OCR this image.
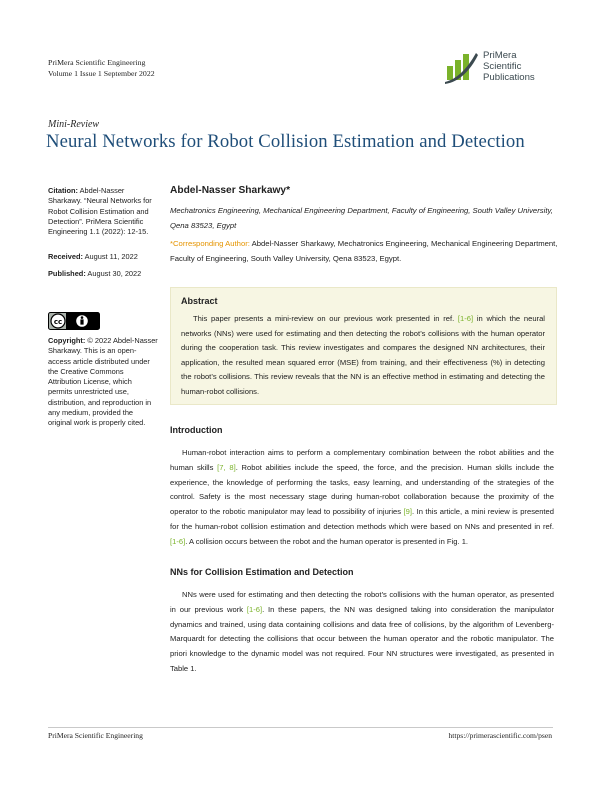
PriMera Scientific Engineering
Volume 1 Issue 1 September 2022
PriMera
Scientific
Publications
Mini-Review
Neural Networks for Robot Collision Estimation and Detection
Citation: Abdel-Nasser Sharkawy. “Neural Networks for Robot Collision Estimation and Detection”. PriMera Scientific Engineering 1.1 (2022): 12-15.
Received: August 11, 2022
Published: August 30, 2022
cc
Copyright: © 2022 Abdel-Nasser Sharkawy. This is an open-access article distributed under the Creative Commons Attribution License, which permits unrestricted use, distribution, and reproduction in any medium, provided the original work is properly cited.
Abdel-Nasser Sharkawy*
Mechatronics Engineering, Mechanical Engineering Department, Faculty of Engineering, South Valley University, Qena 83523, Egypt
*Corresponding Author: Abdel-Nasser Sharkawy, Mechatronics Engineering, Mechanical Engineering Department, Faculty of Engineering, South Valley University, Qena 83523, Egypt.
Abstract
This paper presents a mini-review on our previous work presented in ref. [1-6] in which the neural networks (NNs) were used for estimating and then detecting the robot’s collisions with the human operator during the cooperation task. This review investigates and compares the designed NN architectures, their application, the resulted mean squared error (MSE) from training, and their effectiveness (%) in detecting the robot’s collisions. This review reveals that the NN is an effective method in estimating and detecting the human-robot collisions.
Introduction
Human-robot interaction aims to perform a complementary combination between the robot abilities and the human skills [7, 8]. Robot abilities include the speed, the force, and the precision. Human skills include the experience, the knowledge of performing the tasks, easy learning, and understanding of the strategies of the control. Safety is the most necessary stage during human-robot collaboration because the proximity of the operator to the robotic manipulator may lead to possibility of injuries [9]. In this article, a mini review is presented for the human-robot collision estimation and detection methods which were based on NNs and presented in ref. [1-6]. A collision occurs between the robot and the human operator is presented in Fig. 1.
NNs for Collision Estimation and Detection
NNs were used for estimating and then detecting the robot’s collisions with the human operator, as presented in our previous work [1-6]. In these papers, the NN was designed taking into consideration the manipulator dynamics and trained, using data containing collisions and data free of collisions, by the algorithm of Levenberg-Marquardt for detecting the collisions that occur between the human operator and the robotic manipulator. The priori knowledge to the dynamic model was not required. Four NN structures were investigated, as presented in Table 1.
PriMera Scientific Engineering	https://primerascientific.com/psen
